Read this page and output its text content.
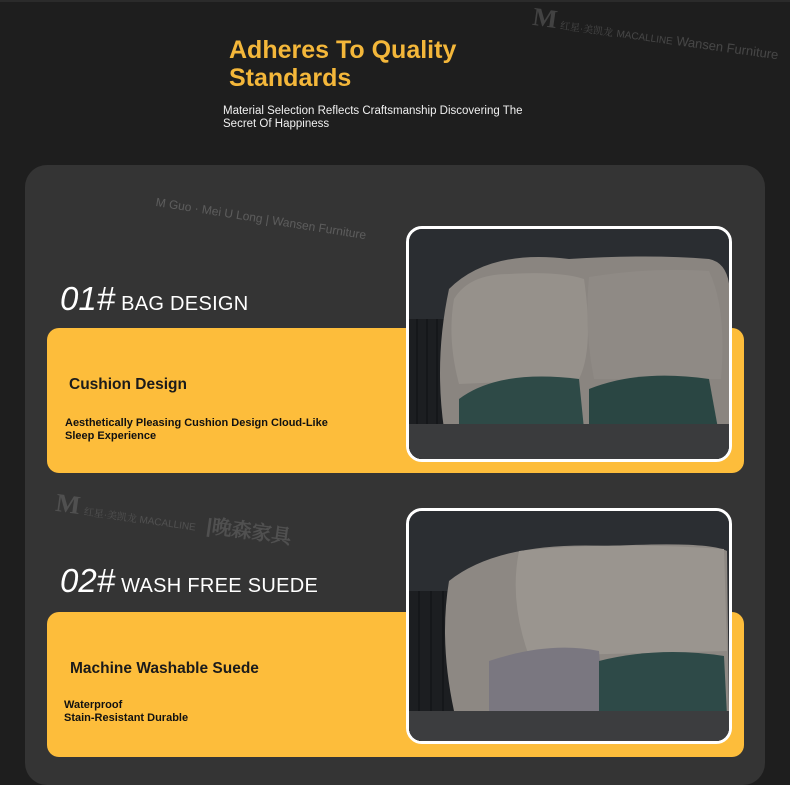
M 红星·美凯龙 MACALLINE Wansen Furniture
Adheres To Quality
Standards
Material Selection Reflects Craftsmanship Discovering The Secret Of Happiness
M Guo · Mei U Long | Wansen Furniture
01# BAG DESIGN
Cushion Design
Aesthetically Pleasing Cushion Design Cloud-Like Sleep Experience
M 红星·美凯龙 MACALLINE |晚森家具
02# WASH FREE SUEDE
Machine Washable Suede
Waterproof
Stain-Resistant Durable
